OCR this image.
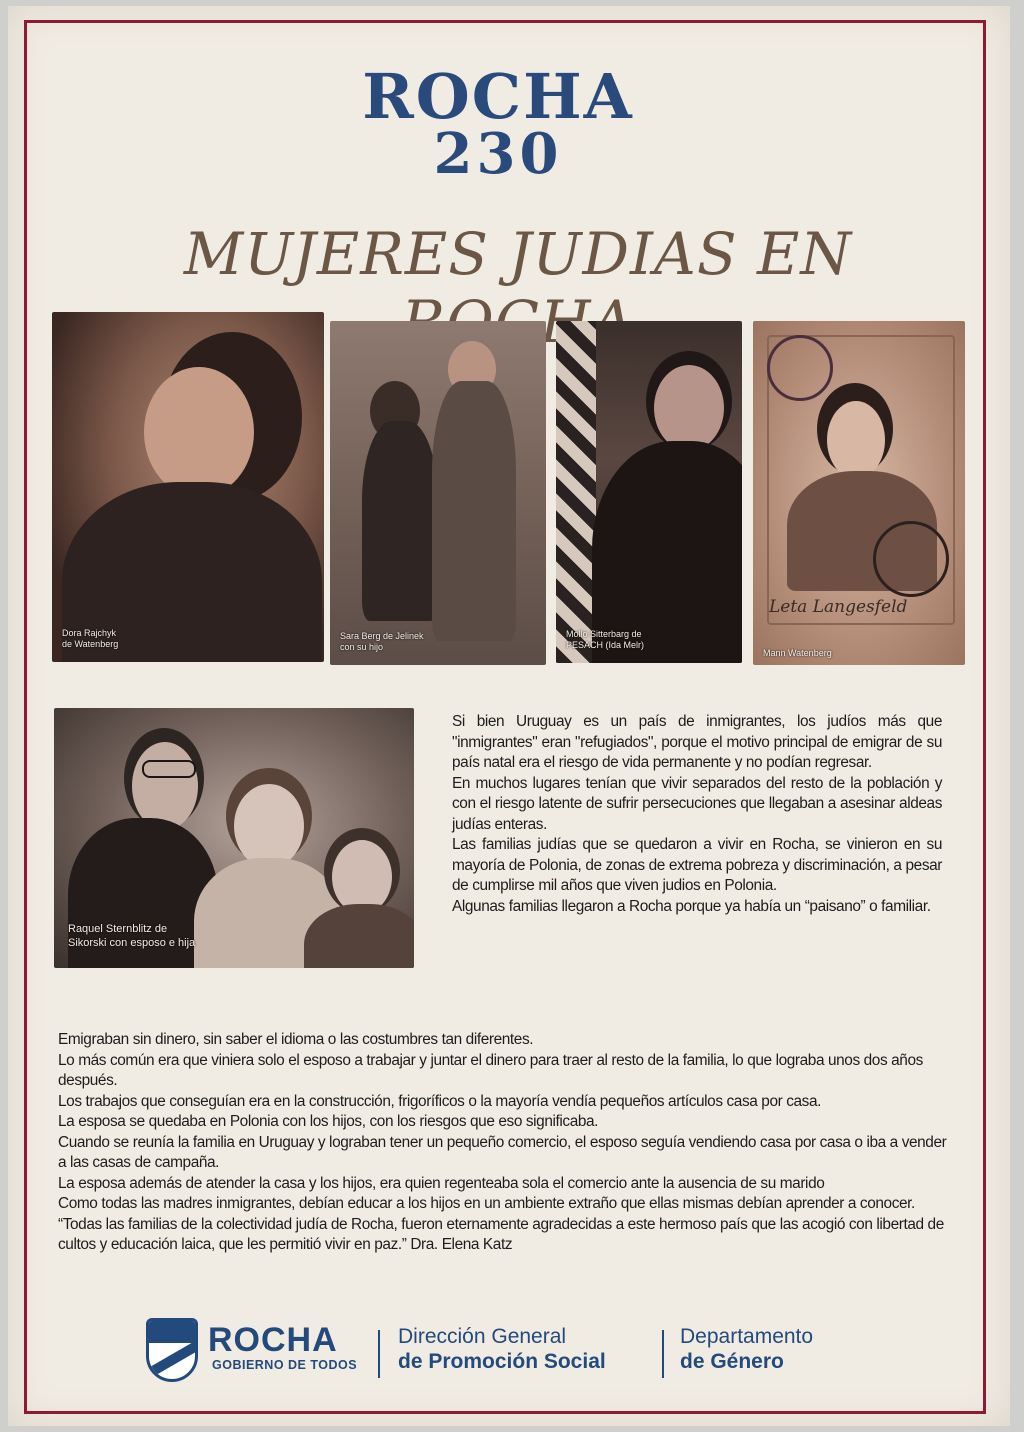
ROCHA
230
MUJERES JUDIAS EN
Dora Rajchyk
de Watenberg
Sara Berg de Jelinek
con su hijo
Mollo Sitterbarg de
PESACH (Ida Melr)
Leta Langesfeld
Mann Watenberg
Raquel Sternblitz de
Sikorski con esposo e hija

Si bien Uruguay es un país de inmigrantes, los judíos más que "inmigrantes" eran "refugiados", porque el motivo principal de emigrar de su país natal era el riesgo de vida permanente y no podían regresar.

En muchos lugares tenían que vivir separados del resto de la población y con el riesgo latente de sufrir persecuciones que llegaban a asesinar aldeas judías enteras.

Las familias judías que se quedaron a vivir en Rocha, se vinieron en su mayoría de Polonia, de zonas de extrema pobreza y discriminación, a pesar de cumplirse mil años que viven judios en Polonia.

Algunas familias llegaron a Rocha porque ya había un “paisano” o familiar.

Emigraban sin dinero, sin saber el idioma o las costumbres tan diferentes.

Lo más común era que viniera solo el esposo a trabajar y juntar el dinero para traer al resto de la familia, lo que lograba unos dos años después.

Los trabajos que conseguían era en la construcción, frigoríficos o la mayoría vendía pequeños artículos casa por casa.

La esposa se quedaba en Polonia con los hijos, con los riesgos que eso significaba.

Cuando se reunía la familia en Uruguay y lograban tener un pequeño comercio, el esposo seguía vendiendo casa por casa o iba a vender a las casas de campaña.

La esposa además de atender la casa y los hijos, era quien regenteaba sola el comercio ante la ausencia de su marido

Como todas las madres inmigrantes, debían educar a los hijos en un ambiente extraño que ellas mismas debían aprender a conocer.

“Todas las familias de la colectividad judía de Rocha, fueron eternamente agradecidas a este hermoso país que las acogió con libertad de cultos y educación laica, que les permitió vivir en paz.” Dra. Elena Katz

ROCHA
GOBIERNO DE TODOS
Dirección General
de Promoción Social
Departamento
de Género
